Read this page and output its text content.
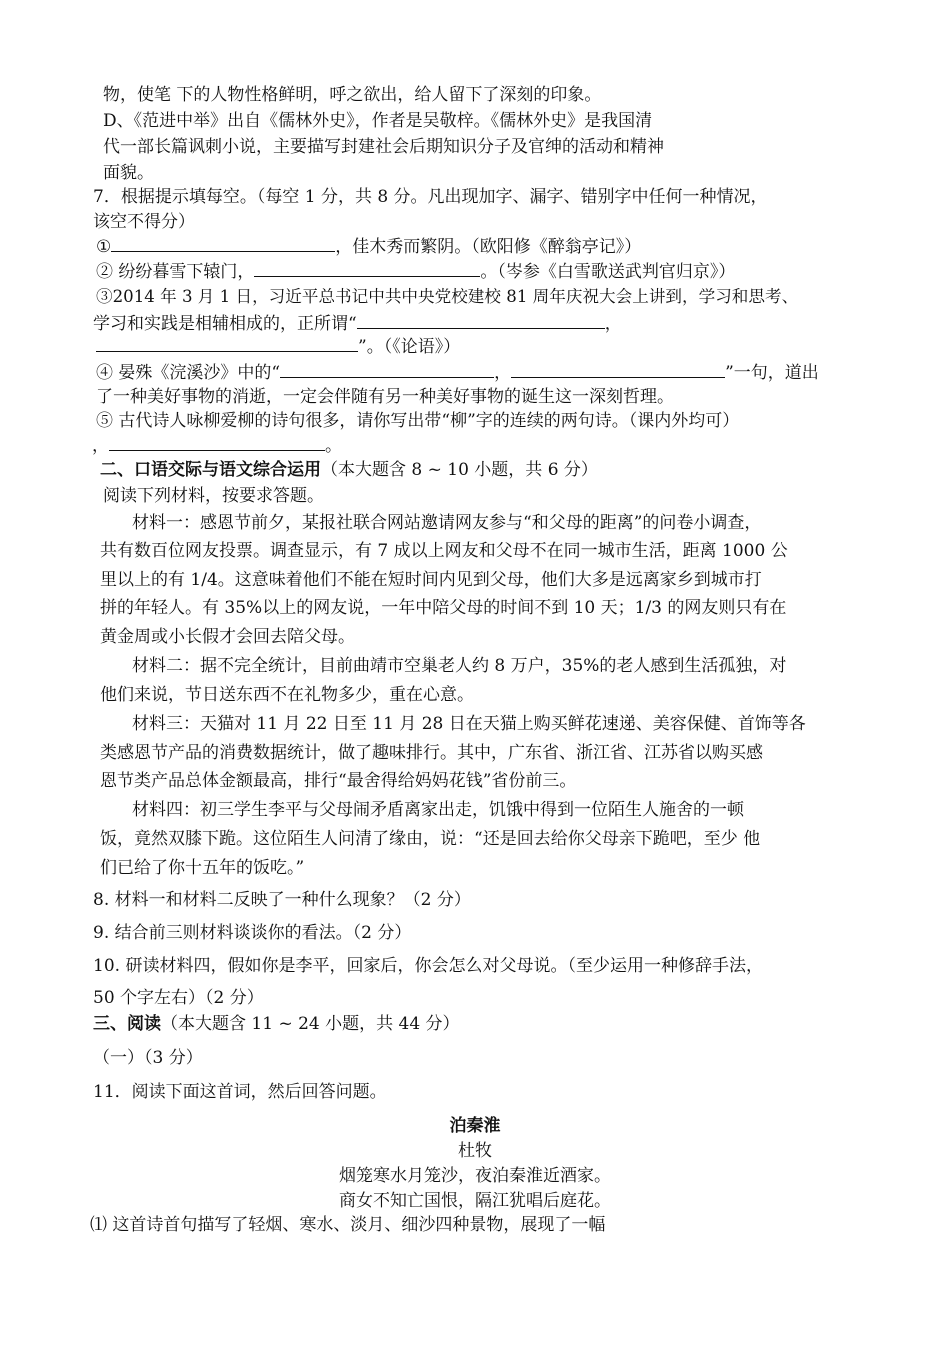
物，使笔 下的人物性格鲜明，呼之欲出，给人留下了深刻的印象。
D、《范进中举》出自《儒林外史》，作者是吴敬梓。《儒林外史》是我国清
代一部长篇讽刺小说，主要描写封建社会后期知识分子及官绅的活动和精神
面貌。
7．根据提示填每空。（每空 1 分，共 8 分。凡出现加字、漏字、错别字中任何一种情况，
该空不得分）
①	，佳木秀而繁阴。（欧阳修《醉翁亭记》）
② 纷纷暮雪下辕门，	。（岑参《白雪歌送武判官归京》）
③2014 年 3 月 1 日，习近平总书记中共中央党校建校 81 周年庆祝大会上讲到，学习和思考、
学习和实践是相辅相成的，正所谓“	，
”。（《论语》）
④ 晏殊《浣溪沙》中的“	，	”一句，道出
了一种美好事物的消逝，一定会伴随有另一种美好事物的诞生这一深刻哲理。
⑤ 古代诗人咏柳爱柳的诗句很多，请你写出带“柳”字的连续的两句诗。（课内外均可）
，	。
二、口语交际与语文综合运用（本大题含 8 ~ 10 小题，共 6 分）
阅读下列材料，按要求答题。
材料一：感恩节前夕，某报社联合网站邀请网友参与“和父母的距离”的问卷小调查，
共有数百位网友投票。调查显示，有 7 成以上网友和父母不在同一城市生活，距离 1000 公
里以上的有 1/4。这意味着他们不能在短时间内见到父母，他们大多是远离家乡到城市打
拼的年轻人。有 35%以上的网友说，一年中陪父母的时间不到 10 天；1/3 的网友则只有在
黄金周或小长假才会回去陪父母。
材料二：据不完全统计，目前曲靖市空巢老人约 8 万户，35%的老人感到生活孤独，对
他们来说，节日送东西不在礼物多少，重在心意。
材料三：天猫对 11 月 22 日至 11 月 28 日在天猫上购买鲜花速递、美容保健、首饰等各
类感恩节产品的消费数据统计，做了趣味排行。其中，广东省、浙江省、江苏省以购买感
恩节类产品总体金额最高，排行“最舍得给妈妈花钱”省份前三。
材料四：初三学生李平与父母闹矛盾离家出走，饥饿中得到一位陌生人施舍的一顿
饭，竟然双膝下跪。这位陌生人问清了缘由，说：“还是回去给你父母亲下跪吧，至少 他
们已给了你十五年的饭吃。”
8. 材料一和材料二反映了一种什么现象？（2 分）
9. 结合前三则材料谈谈你的看法。（2 分）
10. 研读材料四，假如你是李平，回家后，你会怎么对父母说。（至少运用一种修辞手法，
50 个字左右）（2 分）
三、阅读（本大题含 11 ~ 24 小题，共 44 分）
（一）（3 分）
11．阅读下面这首词，然后回答问题。
泊秦淮
杜牧
烟笼寒水月笼沙，夜泊秦淮近酒家。
商女不知亡国恨，隔江犹唱后庭花。
⑴ 这首诗首句描写了轻烟、寒水、淡月、细沙四种景物，展现了一幅
